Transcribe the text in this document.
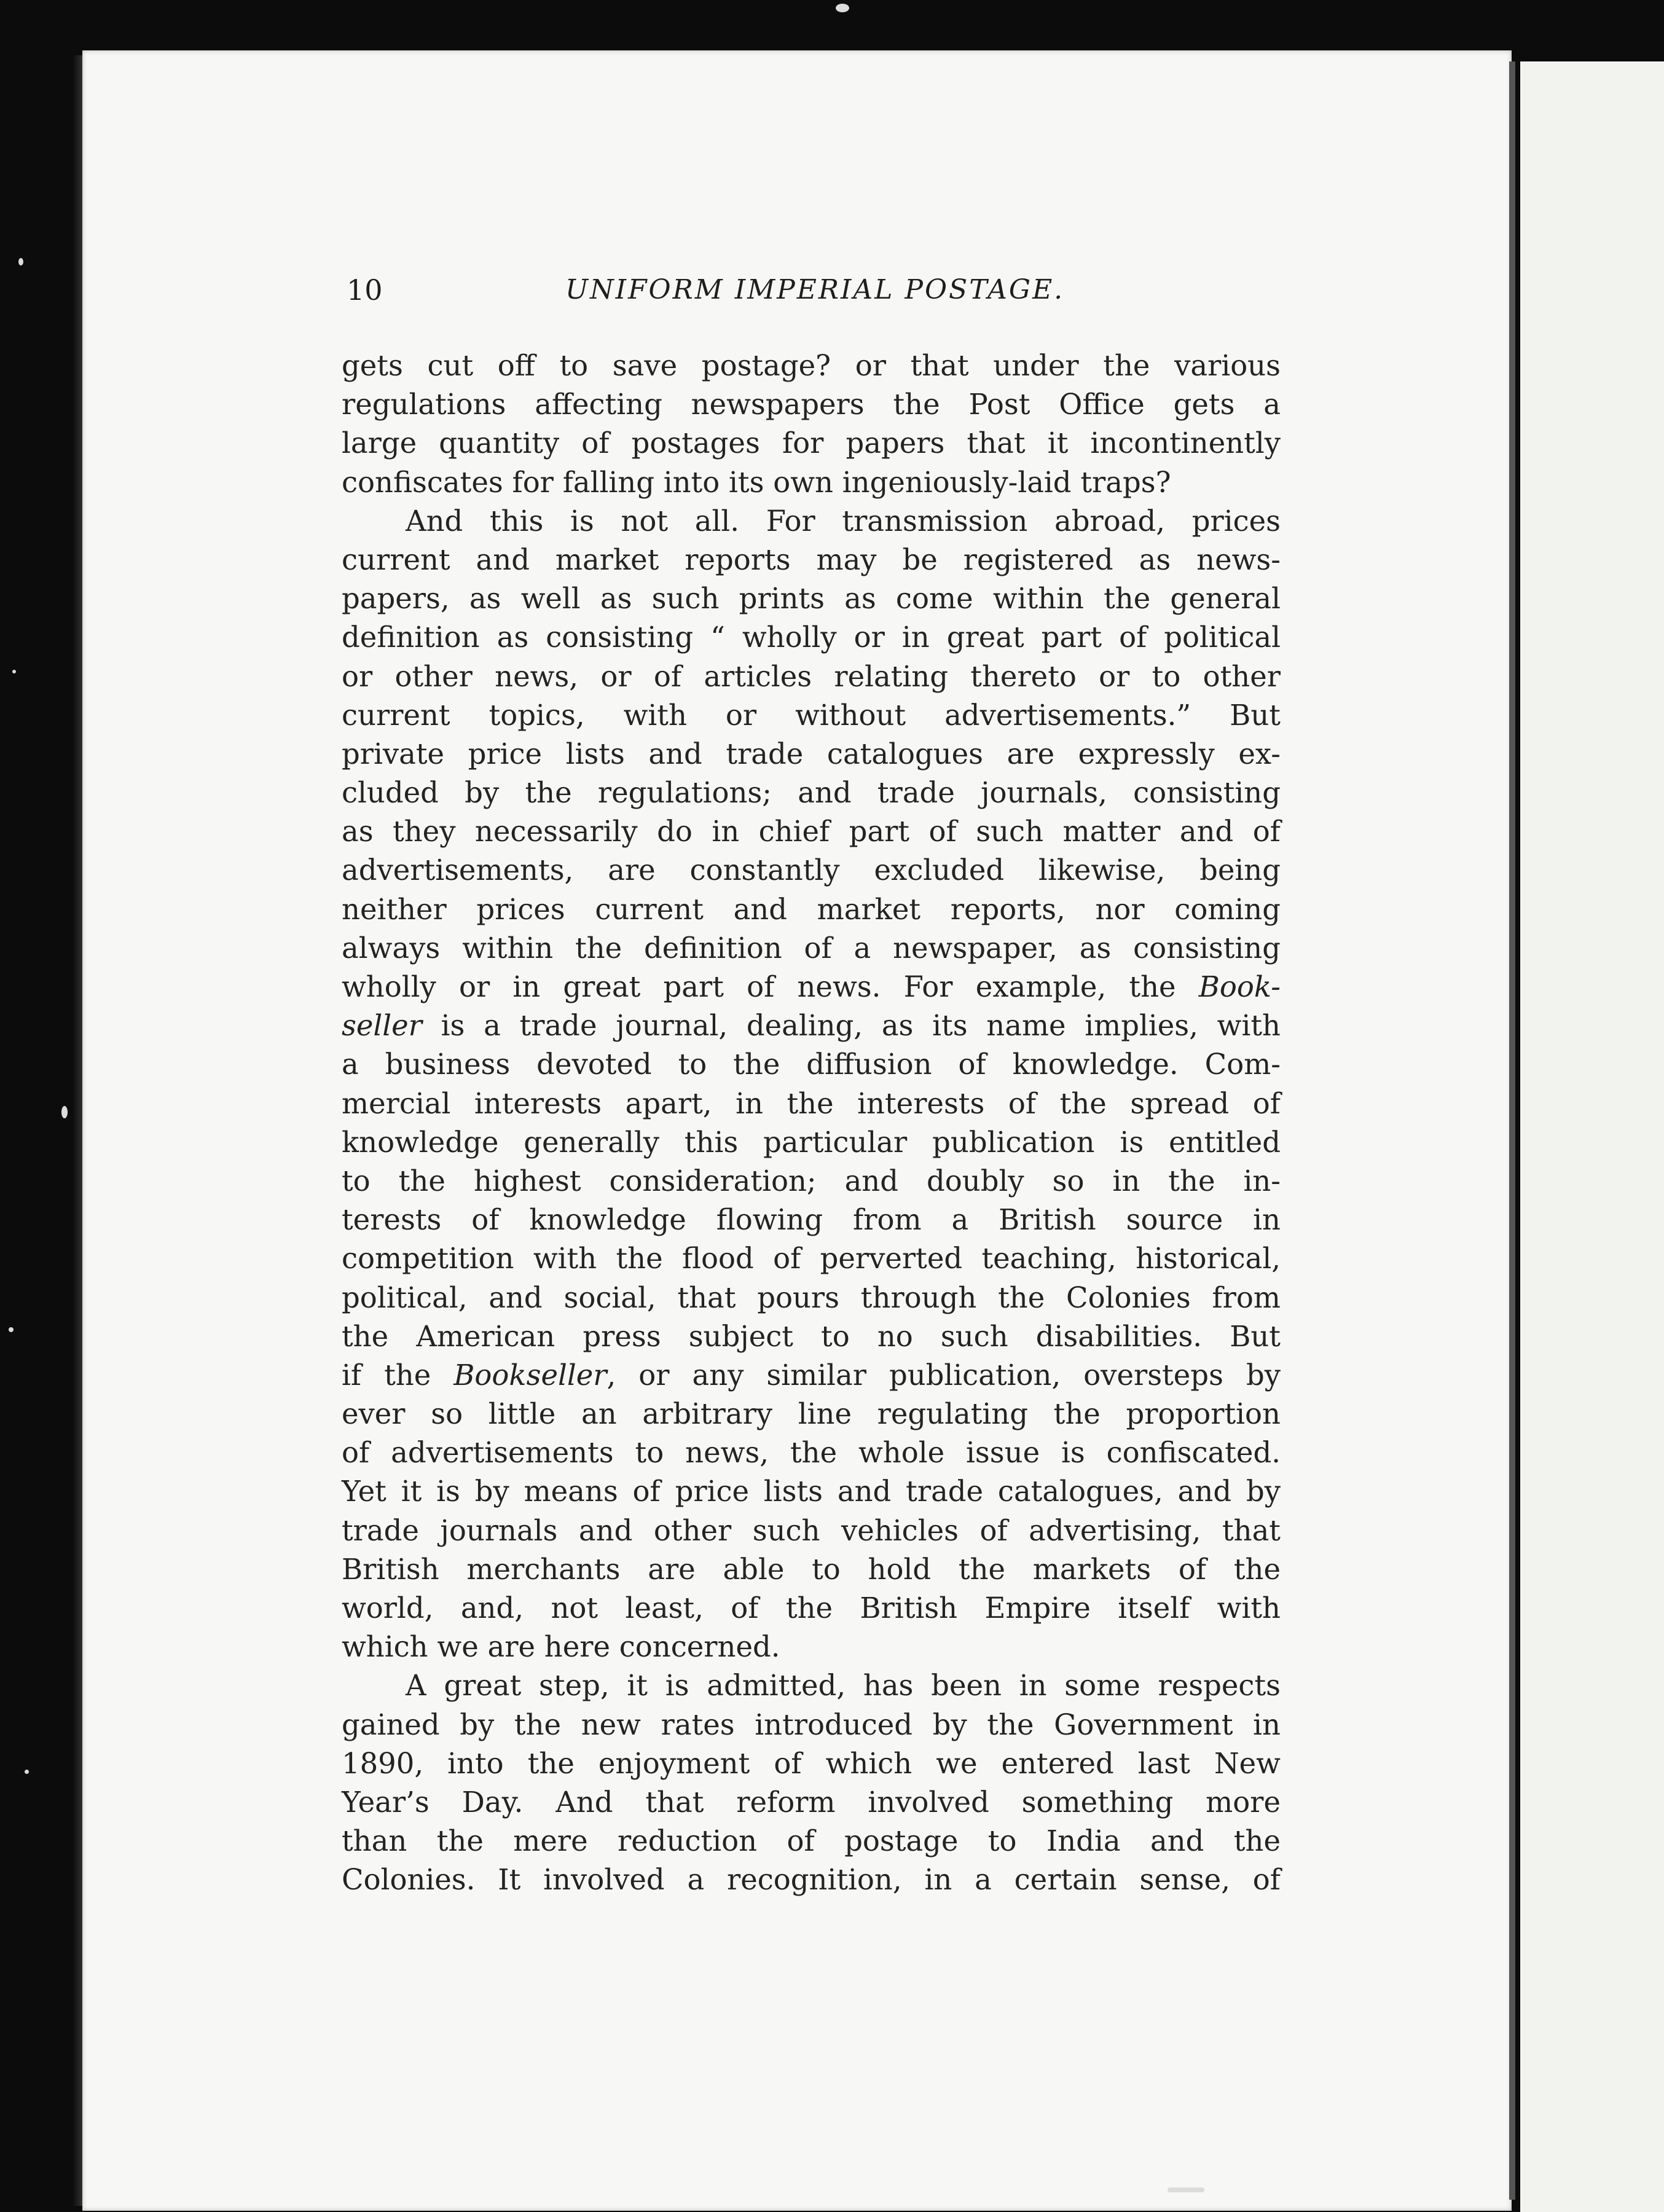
10	UNIFORM IMPERIAL POSTAGE.
gets cut off to save postage? or that under the various
regulations affecting newspapers the Post Office gets a
large quantity of postages for papers that it incontinently
confiscates for falling into its own ingeniously-laid traps?
And this is not all. For transmission abroad, prices
current and market reports may be registered as news-
papers, as well as such prints as come within the general
definition as consisting “ wholly or in great part of political
or other news, or of articles relating thereto or to other
current topics, with or without advertisements.” But
private price lists and trade catalogues are expressly ex-
cluded by the regulations; and trade journals, consisting
as they necessarily do in chief part of such matter and of
advertisements, are constantly excluded likewise, being
neither prices current and market reports, nor coming
always within the definition of a newspaper, as consisting
wholly or in great part of news. For example, the Book-
seller is a trade journal, dealing, as its name implies, with
a business devoted to the diffusion of knowledge. Com-
mercial interests apart, in the interests of the spread of
knowledge generally this particular publication is entitled
to the highest consideration; and doubly so in the in-
terests of knowledge flowing from a British source in
competition with the flood of perverted teaching, historical,
political, and social, that pours through the Colonies from
the American press subject to no such disabilities. But
if the Bookseller, or any similar publication, oversteps by
ever so little an arbitrary line regulating the proportion
of advertisements to news, the whole issue is confiscated.
Yet it is by means of price lists and trade catalogues, and by
trade journals and other such vehicles of advertising, that
British merchants are able to hold the markets of the
world, and, not least, of the British Empire itself with
which we are here concerned.
A great step, it is admitted, has been in some respects
gained by the new rates introduced by the Government in
1890, into the enjoyment of which we entered last New
Year’s Day. And that reform involved something more
than the mere reduction of postage to India and the
Colonies. It involved a recognition, in a certain sense, of
